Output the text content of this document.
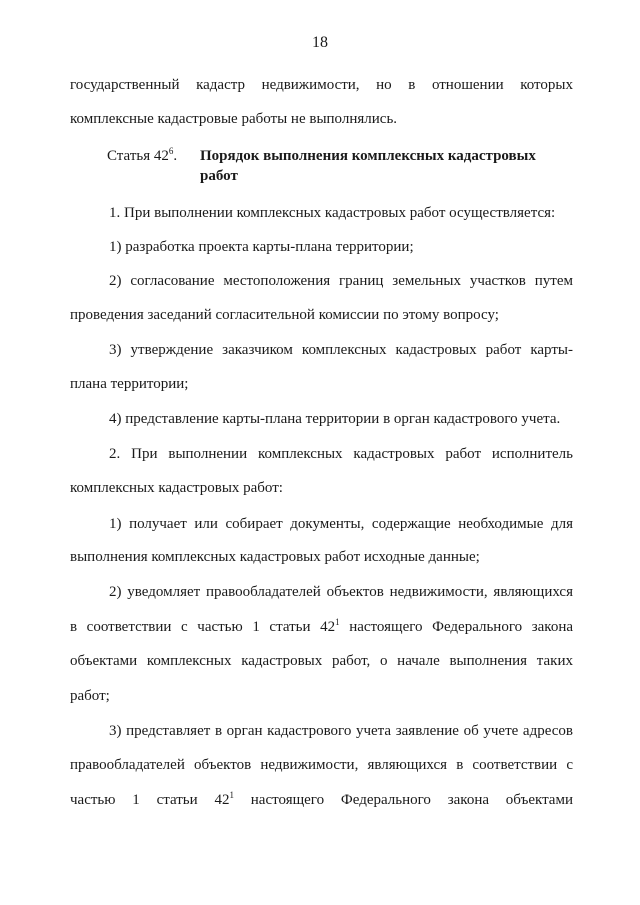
18
государственный кадастр недвижимости, но в отношении которых
комплексные кадастровые работы не выполнялись.
Статья $42^6$. Порядок выполнения комплексных кадастровых работ
1. При выполнении комплексных кадастровых работ осуществляется:
1) разработка проекта карты-плана территории;
2) согласование местоположения границ земельных участков путем
проведения заседаний согласительной комиссии по этому вопросу;
3) утверждение заказчиком комплексных кадастровых работ карты-
плана территории;
4) представление карты-плана территории в орган кадастрового учета.
2. При выполнении комплексных кадастровых работ исполнитель
комплексных кадастровых работ:
1) получает или собирает документы, содержащие необходимые для
выполнения комплексных кадастровых работ исходные данные;
2) уведомляет правообладателей объектов недвижимости, являющихся
в соответствии с частью 1 статьи $42^1$ настоящего Федерального закона
объектами комплексных кадастровых работ, о начале выполнения таких
работ;
3) представляет в орган кадастрового учета заявление об учете адресов
правообладателей объектов недвижимости, являющихся в соответствии с
частью 1 статьи $42^1$ настоящего Федерального закона объектами
